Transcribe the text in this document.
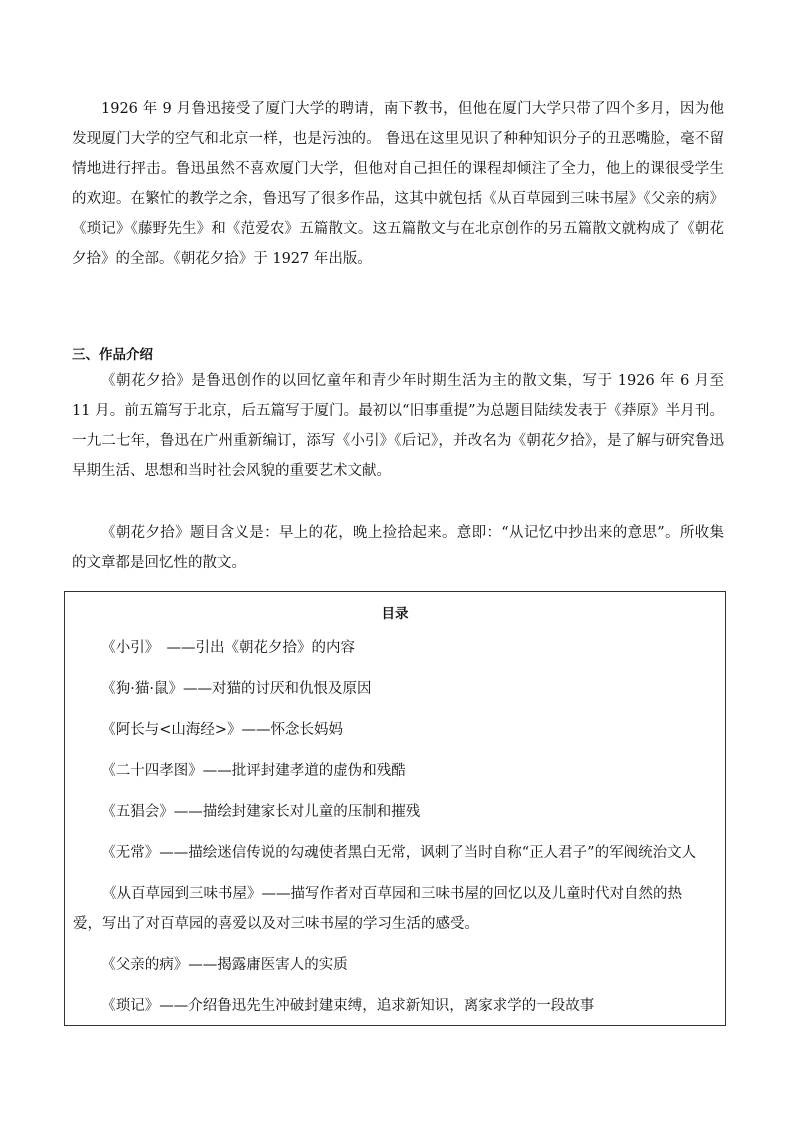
1926 年 9 月鲁迅接受了厦门大学的聘请，南下教书，但他在厦门大学只带了四个多月，因为他发现厦门大学的空气和北京一样，也是污浊的。 鲁迅在这里见识了种种知识分子的丑恶嘴脸，毫不留情地进行抨击。鲁迅虽然不喜欢厦门大学，但他对自己担任的课程却倾注了全力，他上的课很受学生的欢迎。在繁忙的教学之余，鲁迅写了很多作品，这其中就包括《从百草园到三味书屋》《父亲的病》《琐记》《藤野先生》和《范爱农》五篇散文。这五篇散文与在北京创作的另五篇散文就构成了《朝花夕拾》的全部。《朝花夕拾》于 1927 年出版。

三、作品介绍

《朝花夕拾》是鲁迅创作的以回忆童年和青少年时期生活为主的散文集，写于 1926 年 6 月至 11 月。前五篇写于北京，后五篇写于厦门。最初以“旧事重提”为总题目陆续发表于《莽原》半月刊。一九二七年，鲁迅在广州重新编订，添写《小引》《后记》，并改名为《朝花夕拾》，是了解与研究鲁迅早期生活、思想和当时社会风貌的重要艺术文献。

《朝花夕拾》题目含义是：早上的花，晚上捡拾起来。意即：“从记忆中抄出来的意思”。所收集的文章都是回忆性的散文。

目录
《小引》　——引出《朝花夕拾》的内容
《狗·猫·鼠》——对猫的讨厌和仇恨及原因
《阿长与<山海经>》——怀念长妈妈
《二十四孝图》——批评封建孝道的虚伪和残酷
《五猖会》——描绘封建家长对儿童的压制和摧残
《无常》——描绘迷信传说的勾魂使者黑白无常，讽刺了当时自称“正人君子”的军阀统治文人
《从百草园到三味书屋》——描写作者对百草园和三味书屋的回忆以及儿童时代对自然的热爱，写出了对百草园的喜爱以及对三味书屋的学习生活的感受。
《父亲的病》——揭露庸医害人的实质
《琐记》——介绍鲁迅先生冲破封建束缚，追求新知识，离家求学的一段故事
